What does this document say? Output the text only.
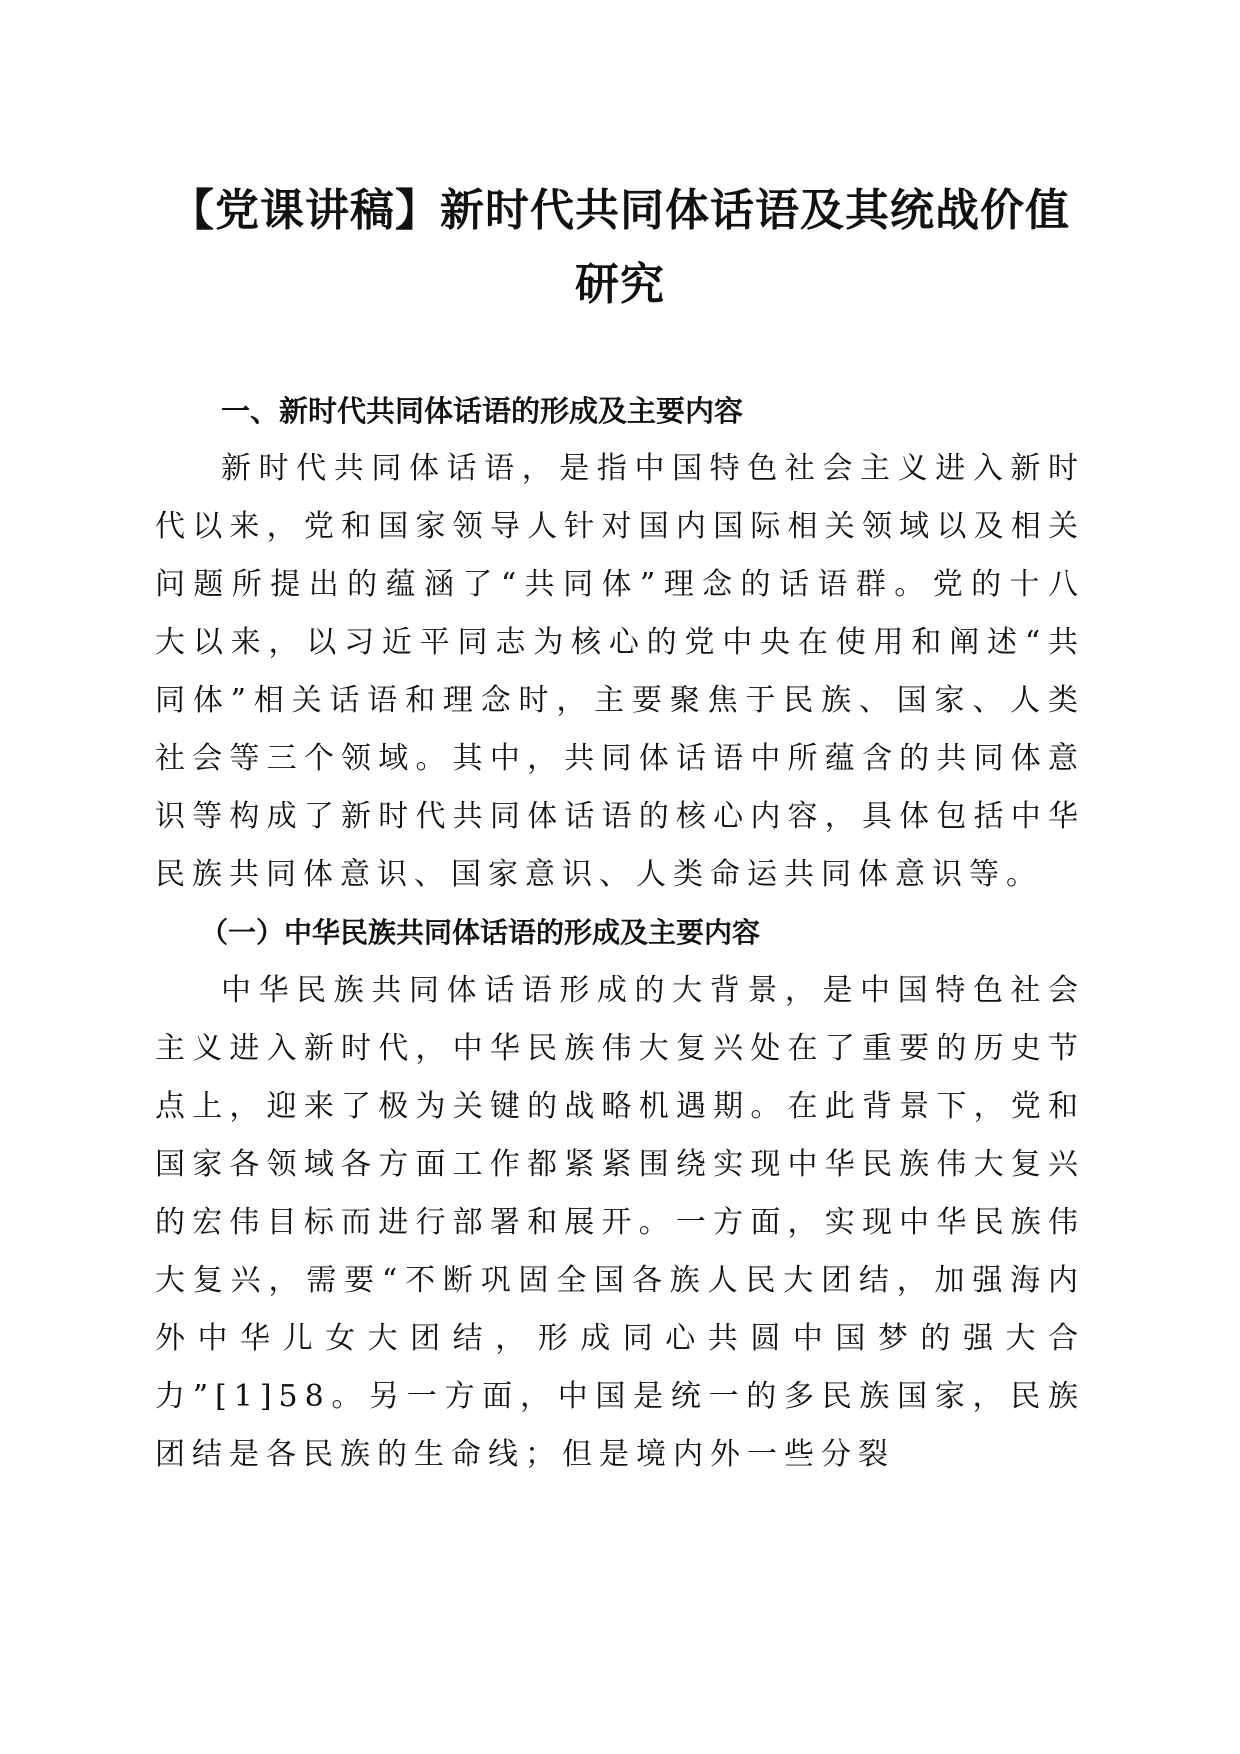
【党课讲稿】新时代共同体话语及其统战价值
研究
一、新时代共同体话语的形成及主要内容

新时代共同体话语，是指中国特色社会主义进入新时代以来，党和国家领导人针对国内国际相关领域以及相关问题所提出的蕴涵了“共同体”理念的话语群。党的十八大以来，以习近平同志为核心的党中央在使用和阐述“共同体”相关话语和理念时，主要聚焦于民族、国家、人类社会等三个领域。其中，共同体话语中所蕴含的共同体意识等构成了新时代共同体话语的核心内容，具体包括中华民族共同体意识、国家意识、人类命运共同体意识等。

（一）中华民族共同体话语的形成及主要内容

中华民族共同体话语形成的大背景，是中国特色社会主义进入新时代，中华民族伟大复兴处在了重要的历史节点上，迎来了极为关键的战略机遇期。在此背景下，党和国家各领域各方面工作都紧紧围绕实现中华民族伟大复兴的宏伟目标而进行部署和展开。一方面，实现中华民族伟大复兴，需要“不断巩固全国各族人民大团结，加强海内外中华儿女大团结，形成同心共圆中国梦的强大合力”[1]58。另一方面，中国是统一的多民族国家，民族团结是各民族的生命线；但是境内外一些分裂
